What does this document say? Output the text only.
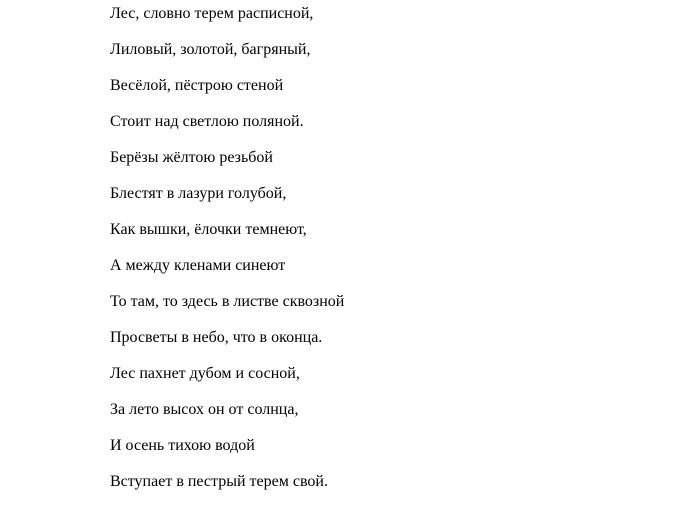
Лес, словно терем расписной,
Лиловый, золотой, багряный,
Весёлой, пёстрою стеной
Стоит над светлою поляной.
Берёзы жёлтою резьбой
Блестят в лазури голубой,
Как вышки, ёлочки темнеют,
А между кленами синеют
То там, то здесь в листве сквозной
Просветы в небо, что в оконца.
Лес пахнет дубом и сосной,
За лето высох он от солнца,
И осень тихою водой
Вступает в пестрый терем свой.
